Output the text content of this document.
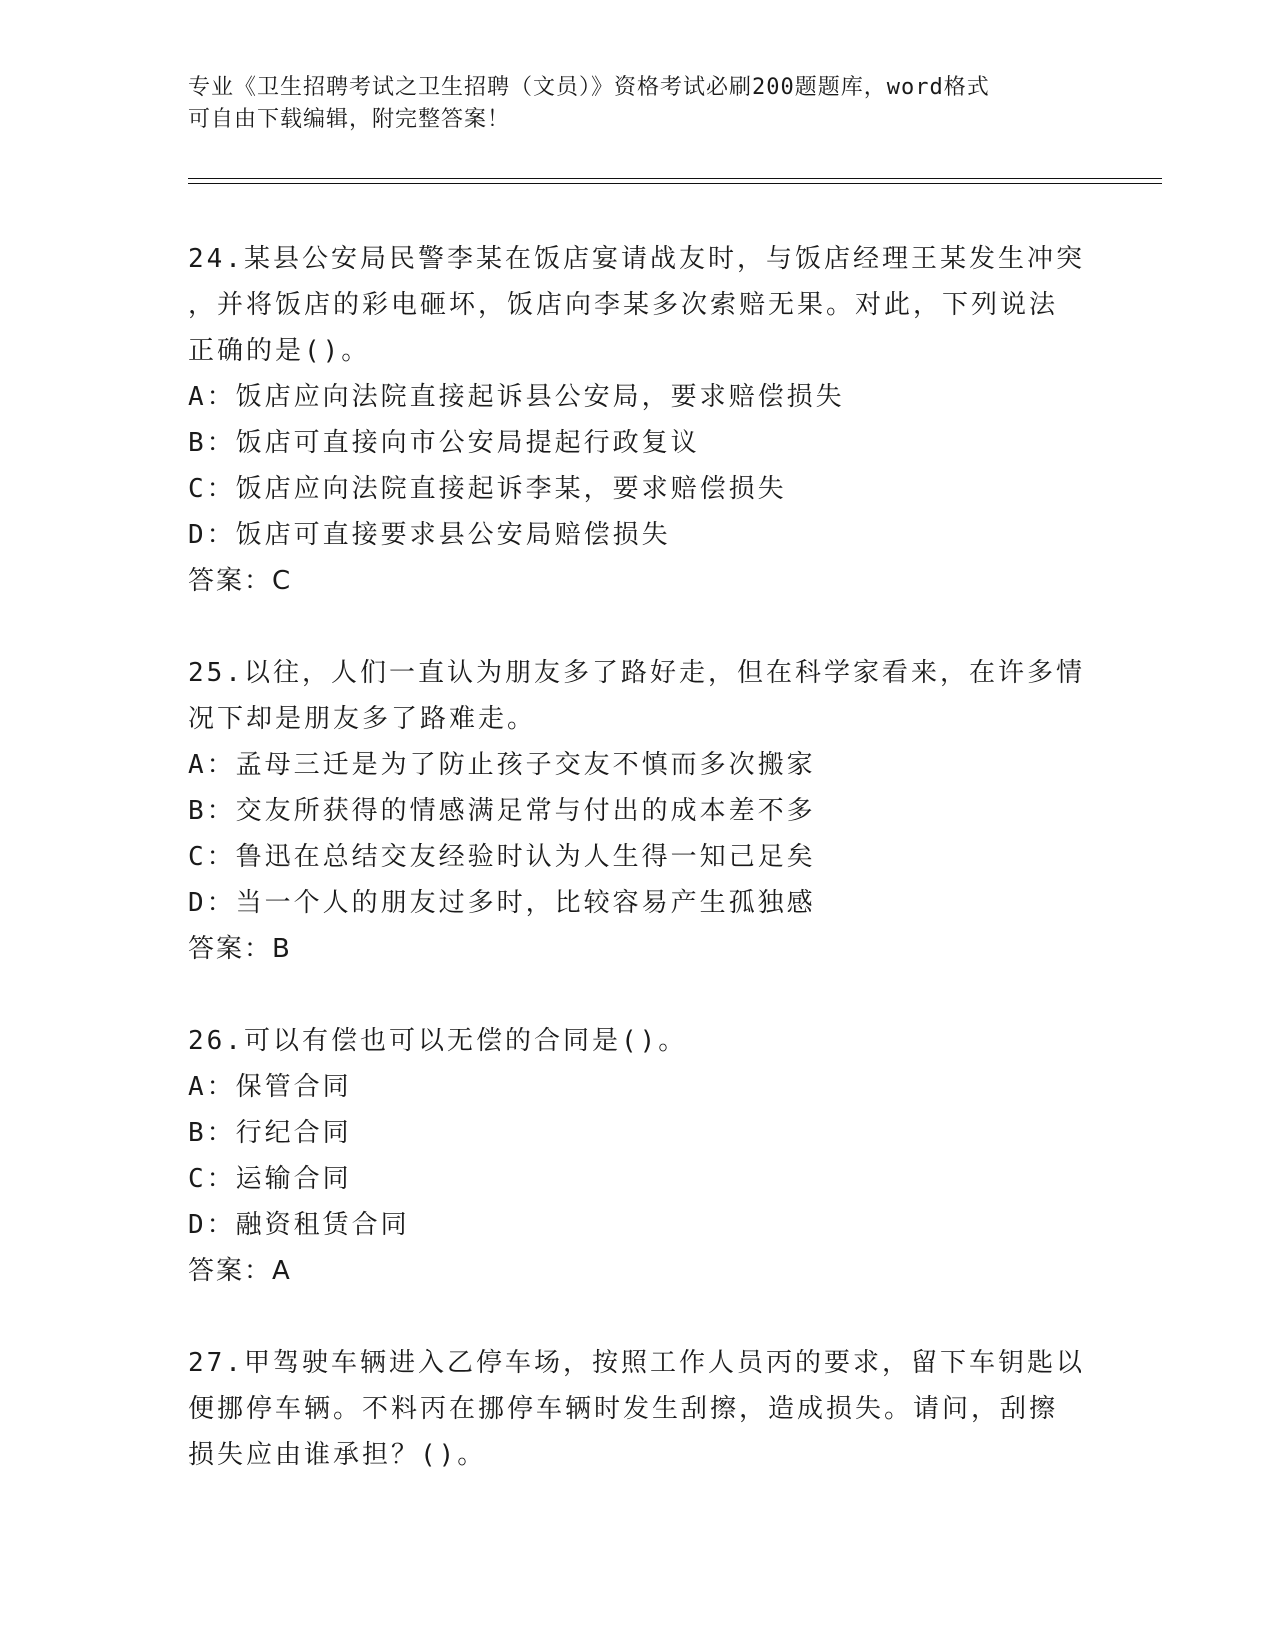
专业《卫生招聘考试之卫生招聘（文员）》资格考试必刷200题题库，word格式
可自由下载编辑，附完整答案！
24.某县公安局民警李某在饭店宴请战友时，与饭店经理王某发生冲突
，并将饭店的彩电砸坏，饭店向李某多次索赔无果。对此，下列说法
正确的是()。
A：饭店应向法院直接起诉县公安局，要求赔偿损失
B：饭店可直接向市公安局提起行政复议
C：饭店应向法院直接起诉李某，要求赔偿损失
D：饭店可直接要求县公安局赔偿损失
答案：C
25.以往，人们一直认为朋友多了路好走，但在科学家看来，在许多情
况下却是朋友多了路难走。
A：孟母三迁是为了防止孩子交友不慎而多次搬家
B：交友所获得的情感满足常与付出的成本差不多
C：鲁迅在总结交友经验时认为人生得一知己足矣
D：当一个人的朋友过多时，比较容易产生孤独感
答案：B
26.可以有偿也可以无偿的合同是()。
A：保管合同
B：行纪合同
C：运输合同
D：融资租赁合同
答案：A
27.甲驾驶车辆进入乙停车场，按照工作人员丙的要求，留下车钥匙以
便挪停车辆。不料丙在挪停车辆时发生刮擦，造成损失。请问，刮擦
损失应由谁承担？()。
